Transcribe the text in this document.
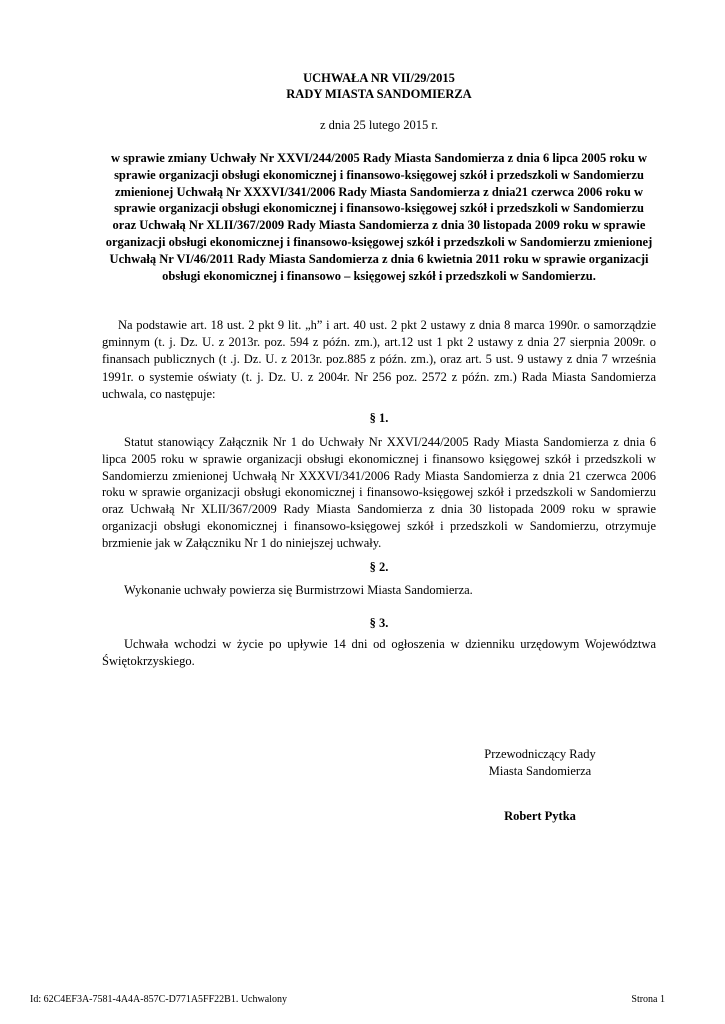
UCHWAŁA NR VII/29/2015
RADY MIASTA SANDOMIERZA
z dnia 25 lutego 2015 r.
w sprawie zmiany Uchwały Nr XXVI/244/2005 Rady Miasta Sandomierza z dnia 6 lipca 2005 roku w sprawie organizacji obsługi ekonomicznej i finansowo-księgowej szkół i przedszkoli w Sandomierzu zmienionej Uchwałą Nr XXXVI/341/2006 Rady Miasta Sandomierza z dnia21 czerwca 2006 roku w sprawie organizacji obsługi ekonomicznej i finansowo-księgowej szkół i przedszkoli w Sandomierzu oraz Uchwałą Nr XLII/367/2009 Rady Miasta Sandomierza z dnia 30 listopada 2009 roku w sprawie organizacji obsługi ekonomicznej i finansowo-księgowej szkół i przedszkoli w Sandomierzu zmienionej Uchwałą Nr VI/46/2011 Rady Miasta Sandomierza z dnia 6 kwietnia 2011 roku w sprawie organizacji obsługi ekonomicznej i finansowo – księgowej szkół i przedszkoli w Sandomierzu.
Na podstawie art. 18 ust. 2 pkt 9 lit. „h” i art. 40 ust. 2 pkt 2 ustawy z dnia 8 marca 1990r. o samorządzie gminnym (t. j. Dz. U. z 2013r. poz. 594 z późn. zm.), art.12 ust 1 pkt 2 ustawy z dnia 27 sierpnia 2009r. o finansach publicznych (t .j. Dz. U. z 2013r. poz.885 z późn. zm.), oraz art. 5 ust. 9 ustawy z dnia 7 września 1991r. o systemie oświaty (t. j. Dz. U. z 2004r. Nr 256 poz. 2572 z późn. zm.) Rada Miasta Sandomierza uchwala, co następuje:
§ 1.
Statut stanowiący Załącznik Nr 1 do Uchwały Nr XXVI/244/2005 Rady Miasta Sandomierza z dnia 6 lipca 2005 roku w sprawie organizacji obsługi ekonomicznej i finansowo księgowej szkół i przedszkoli w Sandomierzu zmienionej Uchwałą Nr XXXVI/341/2006 Rady Miasta Sandomierza z dnia 21 czerwca 2006 roku w sprawie organizacji obsługi ekonomicznej i finansowo-księgowej szkół i przedszkoli w Sandomierzu oraz Uchwałą Nr XLII/367/2009 Rady Miasta Sandomierza z dnia 30 listopada 2009 roku w sprawie organizacji obsługi ekonomicznej i finansowo-księgowej szkół i przedszkoli w Sandomierzu, otrzymuje brzmienie jak w Załączniku Nr 1 do niniejszej uchwały.
§ 2.
Wykonanie uchwały powierza się Burmistrzowi Miasta Sandomierza.
§ 3.
Uchwała wchodzi w życie po upływie 14 dni od ogłoszenia w dzienniku urzędowym Województwa Świętokrzyskiego.
Przewodniczący Rady
Miasta Sandomierza
Robert Pytka
Id: 62C4EF3A-7581-4A4A-857C-D771A5FF22B1. Uchwalony	Strona 1
